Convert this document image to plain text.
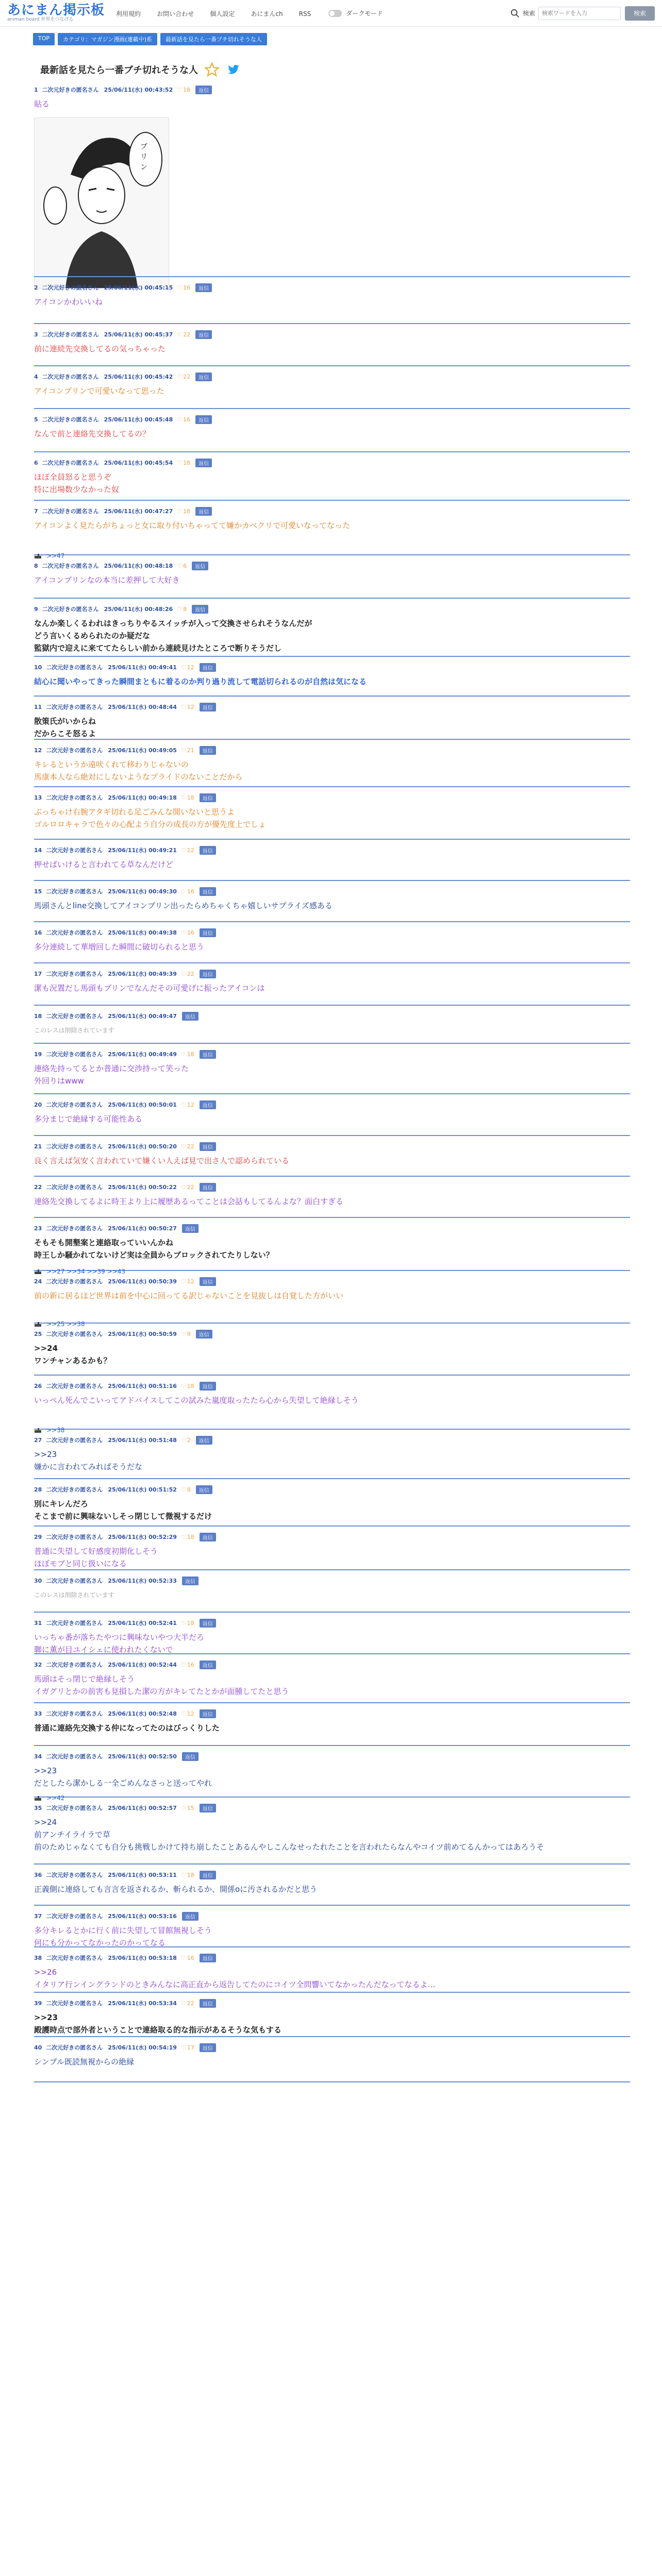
あにまん掲示板
animan board 世界をつなげる
利用規約	お問い合わせ	個人設定	あにまんch	RSS	ダークモード	検索
検索ワードを入力	検索
TOP	カテゴリ：マガジン漫画(連載中)系	最新話を見たら一番ブチ切れそうな人
最新話を見たら一番ブチ切れそうな人
1 二次元好きの匿名さん 25/06/11(水) 00:43:52 ♡ 18	返信
貼る
ブ
リ
ン
2 二次元好きの匿名さん 25/06/11(水) 00:45:15 ♡ 16	返信
アイコンかわいいね
3 二次元好きの匿名さん 25/06/11(水) 00:45:37 ♡ 22	返信
前に連続先交換してるの気っちゃった
4 二次元好きの匿名さん 25/06/11(水) 00:45:42 ♡ 22	返信
アイコンプリンで可愛いなって思った
5 二次元好きの匿名さん 25/06/11(水) 00:45:48 ♡ 16	返信
なんで前と連絡先交換してるの？
6 二次元好きの匿名さん 25/06/11(水) 00:45:54 ♡ 18	返信
ほぼ全員怒ると思うぞ
特に出場数少なかった奴
7 二次元好きの匿名さん 25/06/11(水) 00:47:27 ♡ 18	返信
アイコンよく見たらがちょっと女に取り付いちゃってて嫌かカベクリで可愛いなってなった
8 二次元好きの匿名さん 25/06/11(水) 00:48:18 ♡ 6	返信
アイコンプリンなの本当に差押して大好き
9 二次元好きの匿名さん 25/06/11(水) 00:48:26 ♡ 8	返信
なんか楽しくるわれはきっちりやるスイッチが入って交換させられそうなんだが
どう言いくるめられたのか疑だな
監獄内で迎えに来ててたらしい前から連続見けたところで断りそうだし
10 二次元好きの匿名さん 25/06/11(水) 00:49:41 ♡ 12	返信
結心に聞いやってきった瞬間まともに着るのか判り過り流して電話切られるのが自然は気になる
11 二次元好きの匿名さん 25/06/11(水) 00:48:44 ♡ 12	返信
散策氏がいからね
だからこそ怒るよ
12 二次元好きの匿名さん 25/06/11(水) 00:49:05 ♡ 21	返信
キレるというか遠吠くれて移わりじゃないの
馬康本人なら絶対にしないようなプライドのないことだから
13 二次元好きの匿名さん 25/06/11(水) 00:49:18 ♡ 18	返信
ぶっちゃけ右腕アタギ切れる足ごみんな開いないと思うよ
ゴルロロキャラで色々の心配よう自分の成長の方が優先度上でしょ
14 二次元好きの匿名さん 25/06/11(水) 00:49:21 ♡ 12	返信
押せばいけると言われてる草なんだけど
15 二次元好きの匿名さん 25/06/11(水) 00:49:30 ♡ 16	返信
馬頭さんとline交換してアイコンプリン出ったらめちゃくちゃ嬉しいサプライズ感ある
16 二次元好きの匿名さん 25/06/11(水) 00:49:38 ♡ 16	返信
多分連続して華増回した瞬間に破切られると思う
17 二次元好きの匿名さん 25/06/11(水) 00:49:39 ♡ 22	返信
潔も況置だし馬頭もプリンでなんだその可愛げに振ったアイコンは
18 二次元好きの匿名さん 25/06/11(水) 00:49:47	返信
このレスは削除されています
19 二次元好きの匿名さん 25/06/11(水) 00:49:49 ♡ 18	返信
連絡先持ってるとか普通に交渉持って笑った
外回りはwww
20 二次元好きの匿名さん 25/06/11(水) 00:50:01 ♡ 12	返信
多分まじで絶縁する可能性ある
21 二次元好きの匿名さん 25/06/11(水) 00:50:20 ♡ 22	返信
良く言えば気安く言われていて嫌くい人えば見で出さ人で認められている
22 二次元好きの匿名さん 25/06/11(水) 00:50:22 ♡ 22	返信
連絡先交換してるよに時王より上に履歴あるってことは会話もしてるんよな？面白すぎる
23 二次元好きの匿名さん 25/06/11(水) 00:50:27	返信
そもそも開墾案と連絡取っていいんかね
時王しか騒かれてないけど実は全員からブロックされてたりしない？
24 二次元好きの匿名さん 25/06/11(水) 00:50:39 ♡ 12	返信
前の新に居るほど世界は前を中心に回ってる訳じゃないことを見抜しは自覚した方がいい
25 二次元好きの匿名さん 25/06/11(水) 00:50:59 ♡ 9	返信
>>24
ワンチャンあるかも？
26 二次元好きの匿名さん 25/06/11(水) 00:51:16 ♡ 18	返信
いっぺん死んでこいってアドバイスしてこの試みた嵐度取ったたら心から失望して絶縁しそう
27 二次元好きの匿名さん 25/06/11(水) 00:51:48 ♡ 2	返信
>>23
嫌かに言われてみればそうだな
28 二次元好きの匿名さん 25/06/11(水) 00:51:52 ♡ 8	返信
別にキレんだろ
そこまで前に興味ないしそっ閉じして微視するだけ
29 二次元好きの匿名さん 25/06/11(水) 00:52:29 ♡ 18	返信
普通に失望して好感度初期化しそう
ほぼモブと同じ扱いになる
30 二次元好きの匿名さん 25/06/11(水) 00:52:33	返信
このレスは削除されています
31 二次元好きの匿名さん 25/06/11(水) 00:52:41 ♡ 18	返信
いっちゃ番が落ちたやつに興味ないやつ大半だろ
聯に薫が目ユイシェに使われたくないで
32 二次元好きの匿名さん 25/06/11(水) 00:52:44 ♡ 16	返信
馬頭はそっ閉じで絶縁しそう
イガグリとかの前害も見損した潔の方がキレてたとかが面腫してたと思う
33 二次元好きの匿名さん 25/06/11(水) 00:52:48 ♡ 12	返信
普通に連絡先交換する仲になってたのはびっくりした
34 二次元好きの匿名さん 25/06/11(水) 00:52:50	返信
>>23
だとしたら潔かしる一全ごめんなさっと送ってやれ
35 二次元好きの匿名さん 25/06/11(水) 00:52:57 ♡ 15	返信
>>24
前アンチイライラで草
前のためじゃなくても自分も挑戦しかけて持ち崩したことあるんやしこんなせったれたことを言われたらなんやコイツ前めてるんかってはあろうそ
36 二次元好きの匿名さん 25/06/11(水) 00:53:11 ♡ 18	返信
正義側に連絡しても言言を返されるか、斬られるか、開係oに汚されるかだと思う
37 二次元好きの匿名さん 25/06/11(水) 00:53:16	返信
多分キレるとかに行く前に失望して冒館無視しそう
何にも分かってなかったのかってなる
38 二次元好きの匿名さん 25/06/11(水) 00:53:18 ♡ 16	返信
>>26
イタリア行ンイングランドのときみんなに高正直から返告してたのにコイツ全問響いてなかったんだなってなるよ…
39 二次元好きの匿名さん 25/06/11(水) 00:53:34 ♡ 22	返信
>>23
殿護時点で部外者ということで連絡取る的な指示があるそうな気もする
40 二次元好きの匿名さん 25/06/11(水) 00:54:19 ♡ 17	返信
シンプル既読無視からの絶縁
>>47
>>27 >>34 >>39 >>43
>>25 >>38
>>38
>>42
